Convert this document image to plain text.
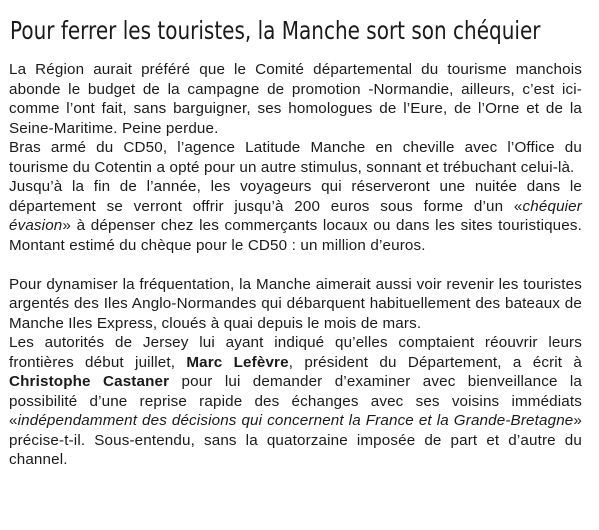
Pour ferrer les touristes, la Manche sort son chéquier

La Région aurait préféré que le Comité départemental du tourisme manchois abonde le budget de la campagne de promotion -Normandie, ailleurs, c’est ici- comme l’ont fait, sans barguigner, ses homologues de l’Eure, de l’Orne et de la Seine-Maritime. Peine perdue.

Bras armé du CD50, l’agence Latitude Manche en cheville avec l’Office du tourisme du Cotentin a opté pour un autre stimulus, sonnant et trébuchant celui-là.

Jusqu’à la fin de l’année, les voyageurs qui réserveront une nuitée dans le département se verront offrir jusqu’à 200 euros sous forme d’un «chéquier évasion» à dépenser chez les commerçants locaux ou dans les sites touristiques. Montant estimé du chèque pour le CD50 : un million d’euros.

Pour dynamiser la fréquentation, la Manche aimerait aussi voir revenir les touristes argentés des Iles Anglo-Normandes qui débarquent habituellement des bateaux de Manche Iles Express, cloués à quai depuis le mois de mars.

Les autorités de Jersey lui ayant indiqué qu’elles comptaient réouvrir leurs frontières début juillet, Marc Lefèvre, président du Département, a écrit à Christophe Castaner pour lui demander d’examiner avec bienveillance la possibilité d’une reprise rapide des échanges avec ses voisins immédiats «indépendamment des décisions qui concernent la France et la Grande-Bretagne» précise-t-il. Sous-entendu, sans la quatorzaine imposée de part et d’autre du channel.
